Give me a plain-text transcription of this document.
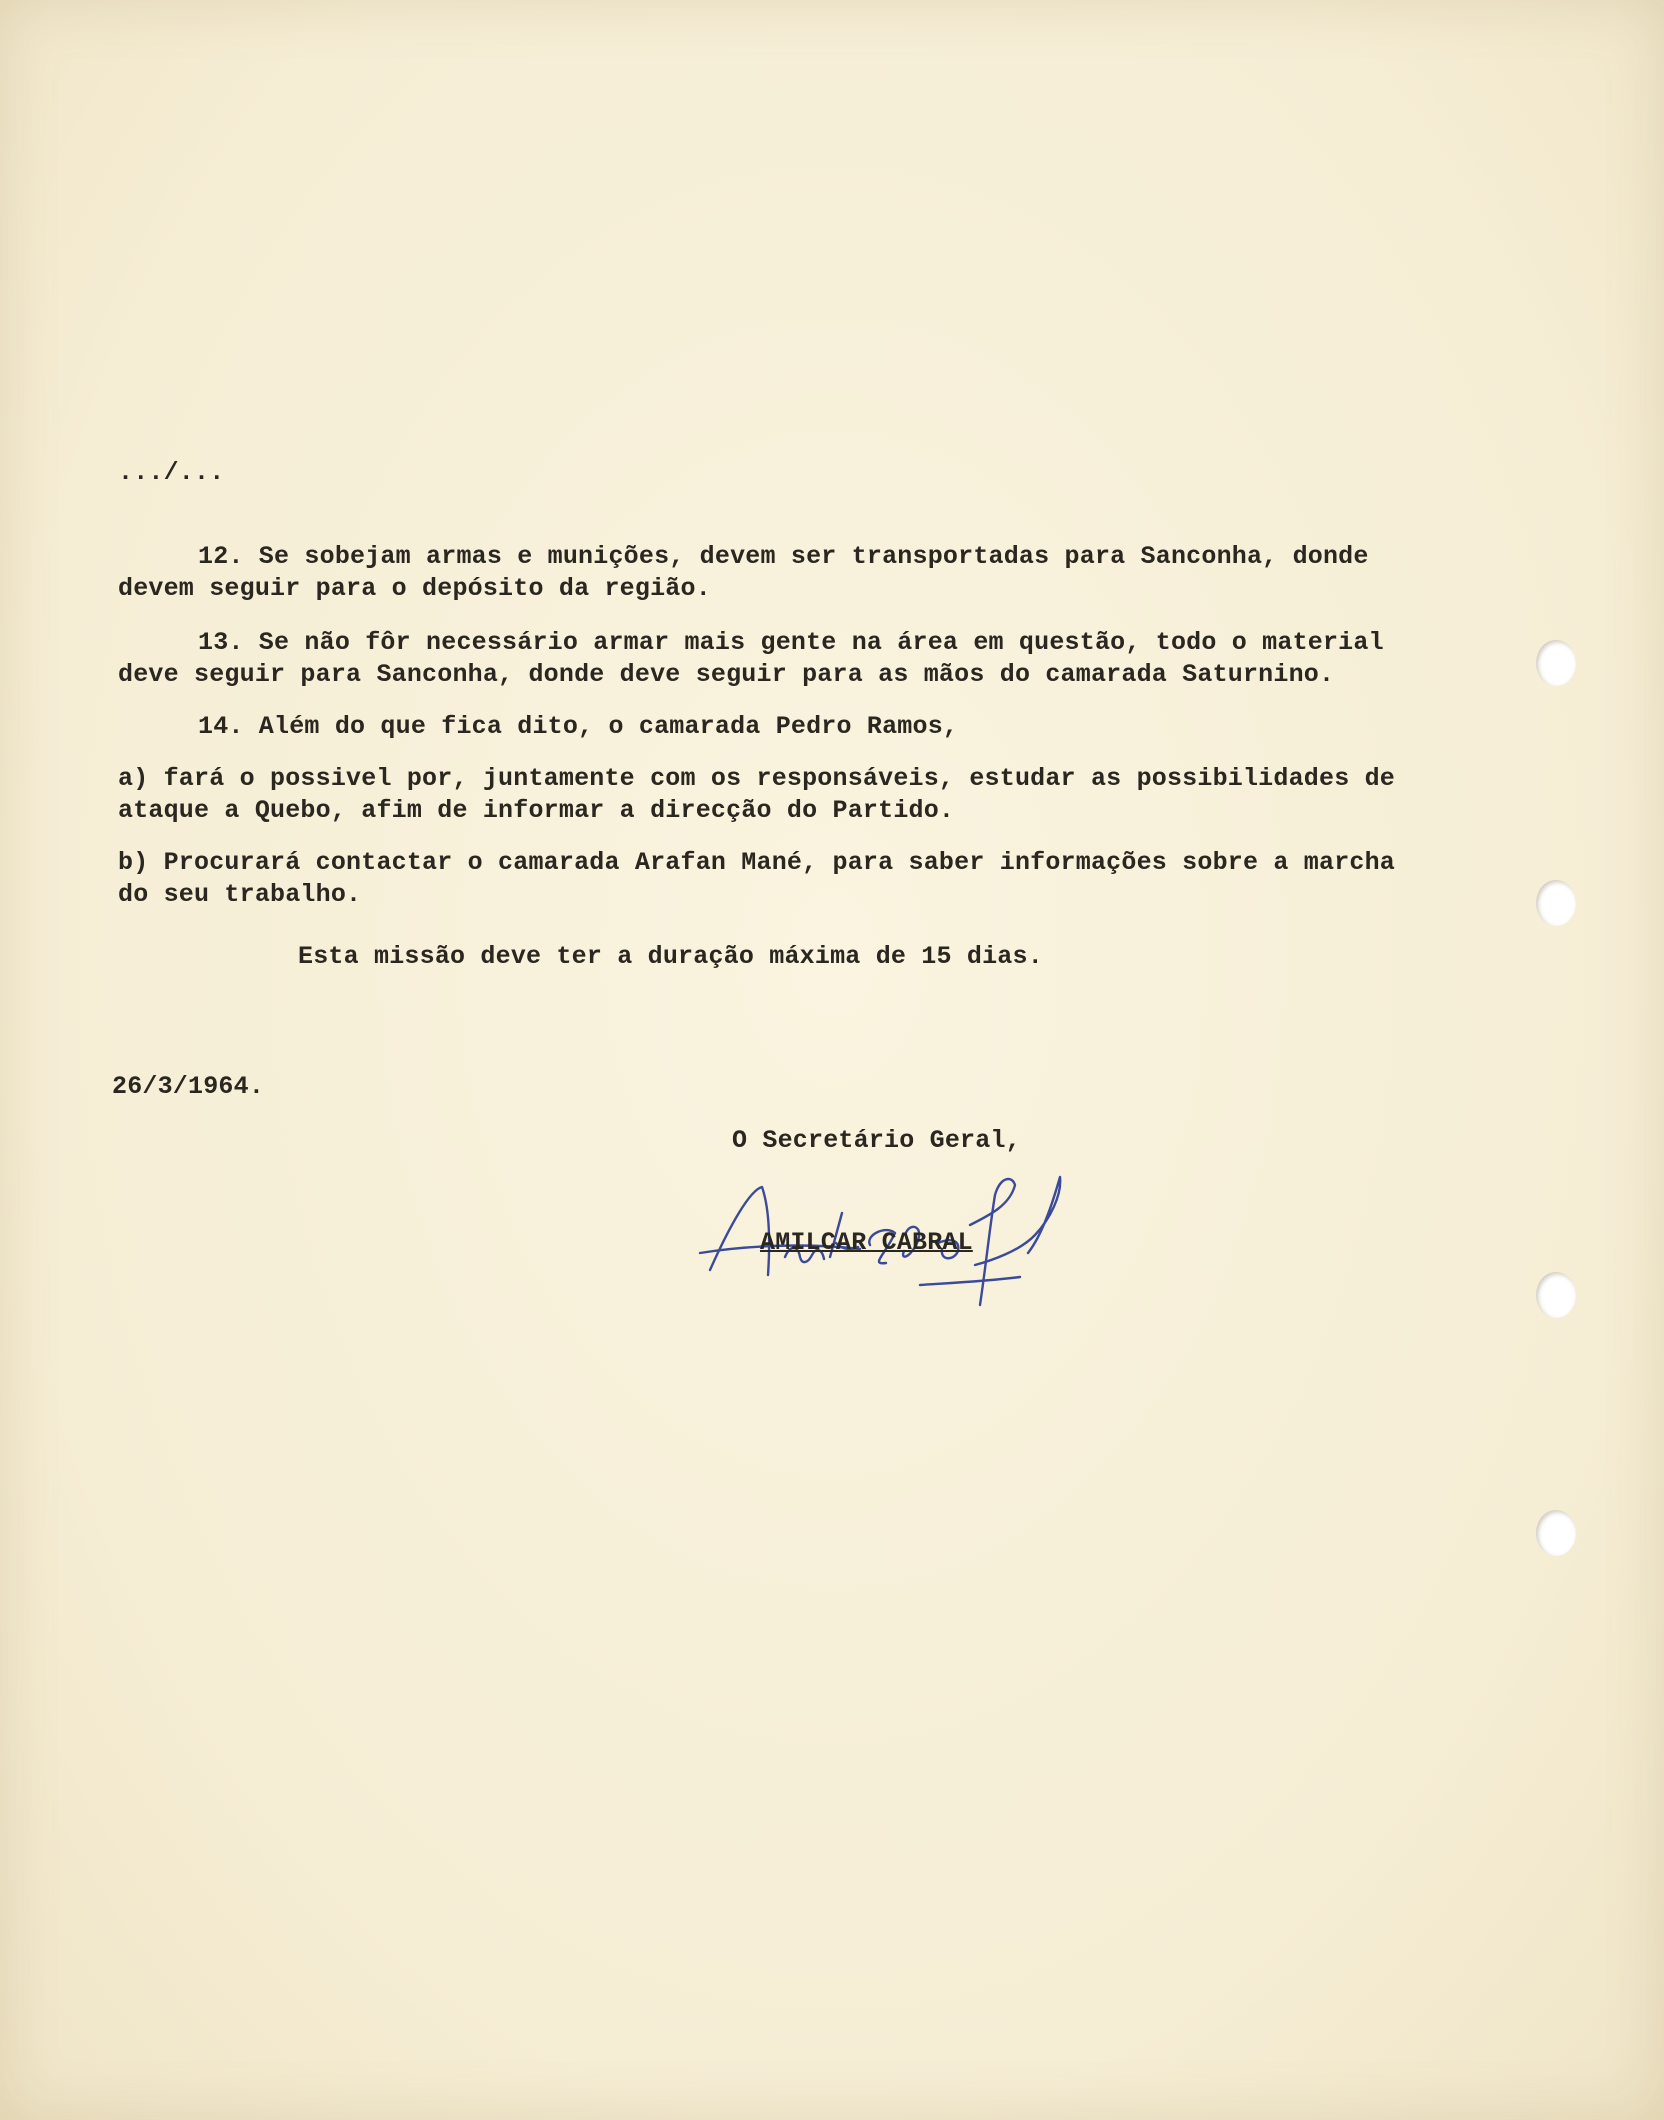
.../...
12. Se sobejam armas e munições, devem ser transportadas para Sanconha, donde
devem seguir para o depósito da região.
13. Se não fôr necessário armar mais gente na área em questão, todo o material
deve seguir para Sanconha, donde deve seguir para as mãos do camarada Saturnino.
14. Além do que fica dito, o camarada Pedro Ramos,
a) fará o possivel por, juntamente com os responsáveis, estudar as possibilidades de
ataque a Quebo, afim de informar a direcção do Partido.
b) Procurará contactar o camarada Arafan Mané, para saber informações sobre a marcha
do seu trabalho.
Esta missão deve ter a duração máxima de 15 dias.
26/3/1964.
O Secretário Geral,
AMILCAR CABRAL
